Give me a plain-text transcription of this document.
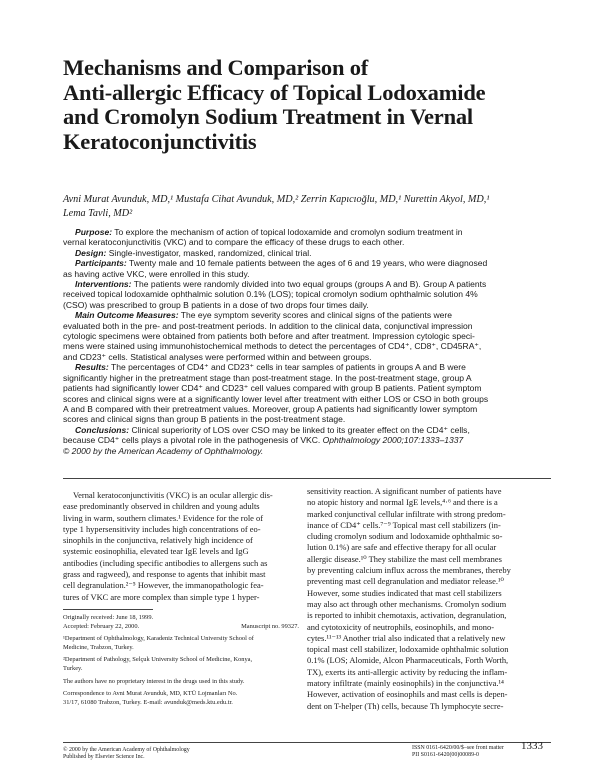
Mechanisms and Comparison of
Anti-allergic Efficacy of Topical Lodoxamide
and Cromolyn Sodium Treatment in Vernal
Keratoconjunctivitis
Avni Murat Avunduk, MD,¹ Mustafa Cihat Avunduk, MD,² Zerrin Kapıcıoğlu, MD,¹ Nurettin Akyol, MD,¹
Lema Tavli, MD²
Purpose: To explore the mechanism of action of topical lodoxamide and cromolyn sodium treatment in
vernal keratoconjunctivitis (VKC) and to compare the efficacy of these drugs to each other.
Design: Single-investigator, masked, randomized, clinical trial.
Participants: Twenty male and 10 female patients between the ages of 6 and 19 years, who were diagnosed
as having active VKC, were enrolled in this study.
Interventions: The patients were randomly divided into two equal groups (groups A and B). Group A patients
received topical lodoxamide ophthalmic solution 0.1% (LOS); topical cromolyn sodium ophthalmic solution 4%
(CSO) was prescribed to group B patients in a dose of two drops four times daily.
Main Outcome Measures: The eye symptom severity scores and clinical signs of the patients were
evaluated both in the pre- and post-treatment periods. In addition to the clinical data, conjunctival impression
cytologic specimens were obtained from patients both before and after treatment. Impression cytologic speci-
mens were stained using immunohistochemical methods to detect the percentages of CD4⁺, CD8⁺, CD45RA⁺,
and CD23⁺ cells. Statistical analyses were performed within and between groups.
Results: The percentages of CD4⁺ and CD23⁺ cells in tear samples of patients in groups A and B were
significantly higher in the pretreatment stage than post-treatment stage. In the post-treatment stage, group A
patients had significantly lower CD4⁺ and CD23⁺ cell values compared with group B patients. Patient symptom
scores and clinical signs were at a significantly lower level after treatment with either LOS or CSO in both groups
A and B compared with their pretreatment values. Moreover, group A patients had significantly lower symptom
scores and clinical signs than group B patients in the post-treatment stage.
Conclusions: Clinical superiority of LOS over CSO may be linked to its greater effect on the CD4⁺ cells,
because CD4⁺ cells plays a pivotal role in the pathogenesis of VKC. Ophthalmology 2000;107:1333–1337
© 2000 by the American Academy of Ophthalmology.
Vernal keratoconjunctivitis (VKC) is an ocular allergic dis-
ease predominantly observed in children and young adults
living in warm, southern climates.¹ Evidence for the role of
type 1 hypersensitivity includes high concentrations of eo-
sinophils in the conjunctiva, relatively high incidence of
systemic eosinophilia, elevated tear IgE levels and IgG
antibodies (including specific antibodies to allergens such as
grass and ragweed), and response to agents that inhibit mast
cell degranulation.²⁻⁵ However, the immanopathologic fea-
tures of VKC are more complex than simple type 1 hyper-
sensitivity reaction. A significant number of patients have
no atopic history and normal IgE levels,⁴·⁶ and there is a
marked conjunctival cellular infiltrate with strong predom-
inance of CD4⁺ cells.⁷⁻⁹ Topical mast cell stabilizers (in-
cluding cromolyn sodium and lodoxamide ophthalmic so-
lution 0.1%) are safe and effective therapy for all ocular
allergic disease.¹⁰ They stabilize the mast cell membranes
by preventing calcium influx across the membranes, thereby
preventing mast cell degranulation and mediator release.¹⁰
However, some studies indicated that mast cell stabilizers
may also act through other mechanisms. Cromolyn sodium
is reported to inhibit chemotaxis, activation, degranulation,
and cytotoxicity of neutrophils, eosinophils, and mono-
cytes.¹¹⁻¹³ Another trial also indicated that a relatively new
topical mast cell stabilizer, lodoxamide ophthalmic solution
0.1% (LOS; Alomide, Alcon Pharmaceuticals, Forth Worth,
TX), exerts its anti-allergic activity by reducing the inflam-
matory infiltrate (mainly eosinophils) in the conjunctiva.¹⁴
However, activation of eosinophils and mast cells is depen-
dent on T-helper (Th) cells, because Th lymphocyte secre-
Originally received: June 18, 1999.
Accepted: February 22, 2000.	Manuscript no. 99327.
¹Department of Ophthalmology, Karadeniz Technical University School of
Medicine, Trabzon, Turkey.
²Department of Pathology, Selçuk University School of Medicine, Konya,
Turkey.
The authors have no proprietary interest in the drugs used in this study.
Correspondence to Avni Murat Avunduk, MD, KTÜ Lojmanları No.
31/17, 61080 Trabzon, Turkey. E-mail: avunduk@meds.ktu.edu.tr.
© 2000 by the American Academy of Ophthalmology
Published by Elsevier Science Inc.
ISSN 0161-6420/00/$–see front matter
PII S0161-6420(00)00089-0
1333
